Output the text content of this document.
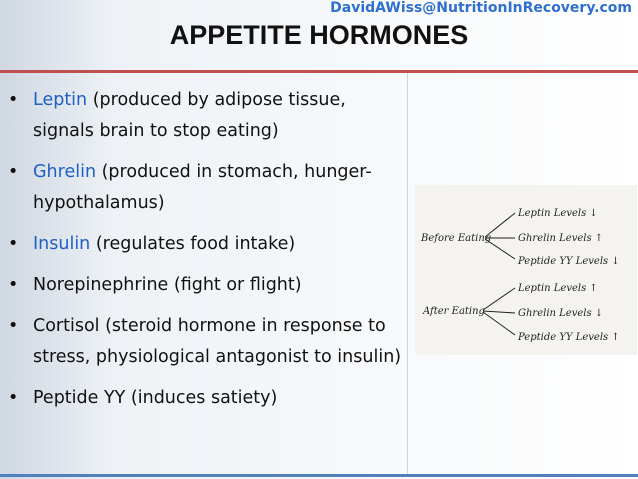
DavidAWiss@NutritionInRecovery.com
APPETITE HORMONES
• Leptin (produced by adipose tissue, signals brain to stop eating)
• Ghrelin (produced in stomach, hunger- hypothalamus)
• Insulin (regulates food intake)
• Norepinephrine (fight or flight)
• Cortisol (steroid hormone in response to stress, physiological antagonist to insulin)
• Peptide YY (induces satiety)
Before Eating
Leptin Levels ↓
Ghrelin Levels ↑
Peptide YY Levels ↓
After Eating
Leptin Levels ↑
Ghrelin Levels ↓
Peptide YY Levels ↑
